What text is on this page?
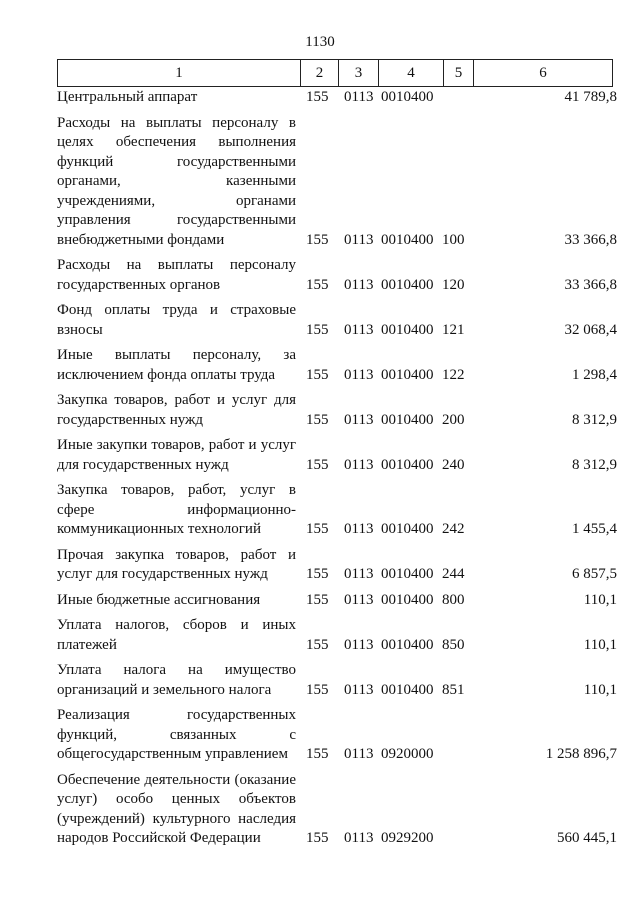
1130
1	2	3	4	5	6
Центральный аппарат	155	0113 0010400	41 789,8
Расходы на выплаты персоналу в целях обеспечения выполнения функций государственными органами, казенными учреждениями, органами управления государственными внебюджетными фондами	155	0113 0010400 100	33 366,8
Расходы на выплаты персоналу государственных органов	155	0113 0010400 120	33 366,8
Фонд оплаты труда и страховые взносы	155	0113 0010400 121	32 068,4
Иные выплаты персоналу, за исключением фонда оплаты труда	155	0113 0010400 122	1 298,4
Закупка товаров, работ и услуг для государственных нужд	155	0113 0010400 200	8 312,9
Иные закупки товаров, работ и услуг для государственных нужд	155	0113 0010400 240	8 312,9
Закупка товаров, работ, услуг в сфере информационно-коммуникационных технологий	155	0113 0010400 242	1 455,4
Прочая закупка товаров, работ и услуг для государственных нужд	155	0113 0010400 244	6 857,5
Иные бюджетные ассигнования	155	0113 0010400 800	110,1
Уплата налогов, сборов и иных платежей	155	0113 0010400 850	110,1
Уплата налога на имущество организаций и земельного налога	155	0113 0010400 851	110,1
Реализация государственных функций, связанных с общегосударственным управлением	155	0113 0920000	1 258 896,7
Обеспечение деятельности (оказание услуг) особо ценных объектов (учреждений) культурного наследия народов Российской Федерации	155	0113 0929200	560 445,1
